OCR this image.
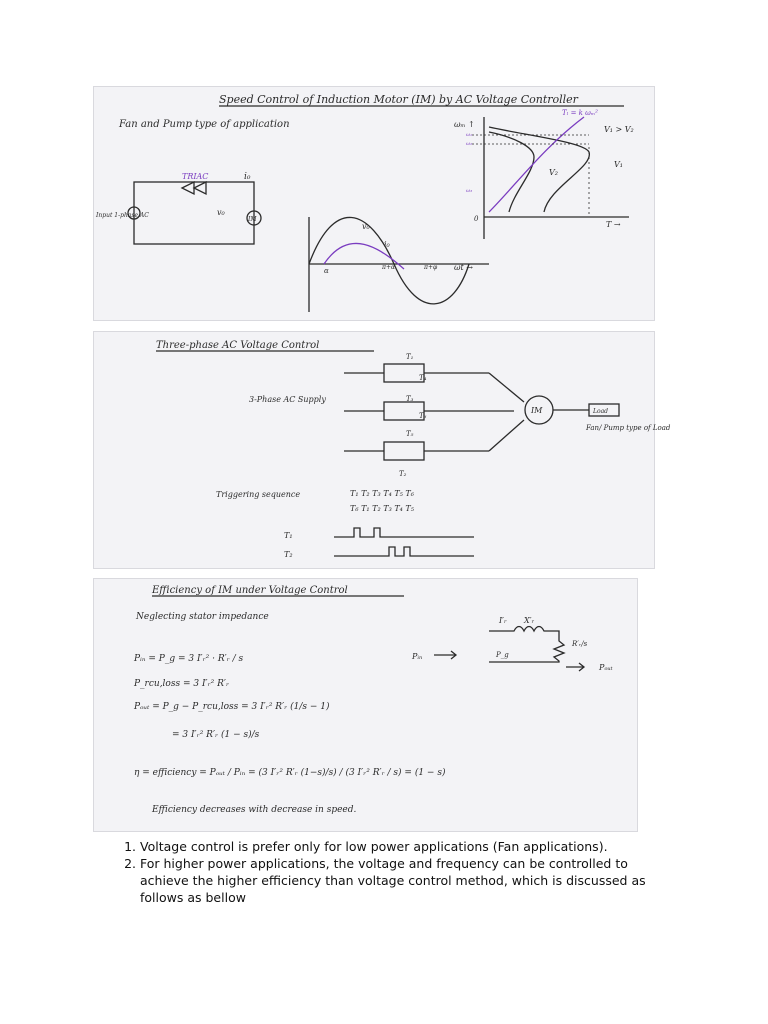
Speed Control of Induction Motor (IM) by AC Voltage Controller
Fan and Pump type of application
TRIAC	i₀
v₀
IM
Input 1-phase AC
v₀
i₀
α	π+α	π+φ ωt →
ωₘ ↑
Tₗ = k ωₘ²
V₁ > V₂
ω₁
ω₂
ω₃
V₁
V₂
0
T →
Three-phase AC Voltage Control
3-Phase AC Supply
T₁
T₄
T₃
T₆
T₅
T₂
IM	Load
Fan/ Pump type of Load
Triggering sequence	T₁ T₂ T₃ T₄ T₅ T₆
T₆ T₁ T₂ T₃ T₄ T₅
T₁
T₂
Efficiency of IM under Voltage Control
Neglecting stator impedance
Pᵢₙ = P_g = 3 I′ᵣ² · R′ᵣ / s
P_rcu,loss = 3 I′ᵣ² R′ᵣ
Pₒᵤₜ = P_g − P_rcu,loss = 3 I′ᵣ² R′ᵣ (1/s − 1)
= 3 I′ᵣ² R′ᵣ (1 − s)/s
η = efficiency = Pₒᵤₜ / Pᵢₙ = (3 I′ᵣ² R′ᵣ (1−s)/s) / (3 I′ᵣ² R′ᵣ / s) = (1 − s)
Efficiency decreases with decrease in speed.
I′ᵣ X′ᵣ
R′ᵣ/s
Pᵢₙ	P_g
Pₒᵤₜ
1. Voltage control is prefer only for low power applications (Fan applications).
2. For higher power applications, the voltage and frequency can be controlled to achieve the higher efficiency than voltage control method, which is discussed as follows as bellow
